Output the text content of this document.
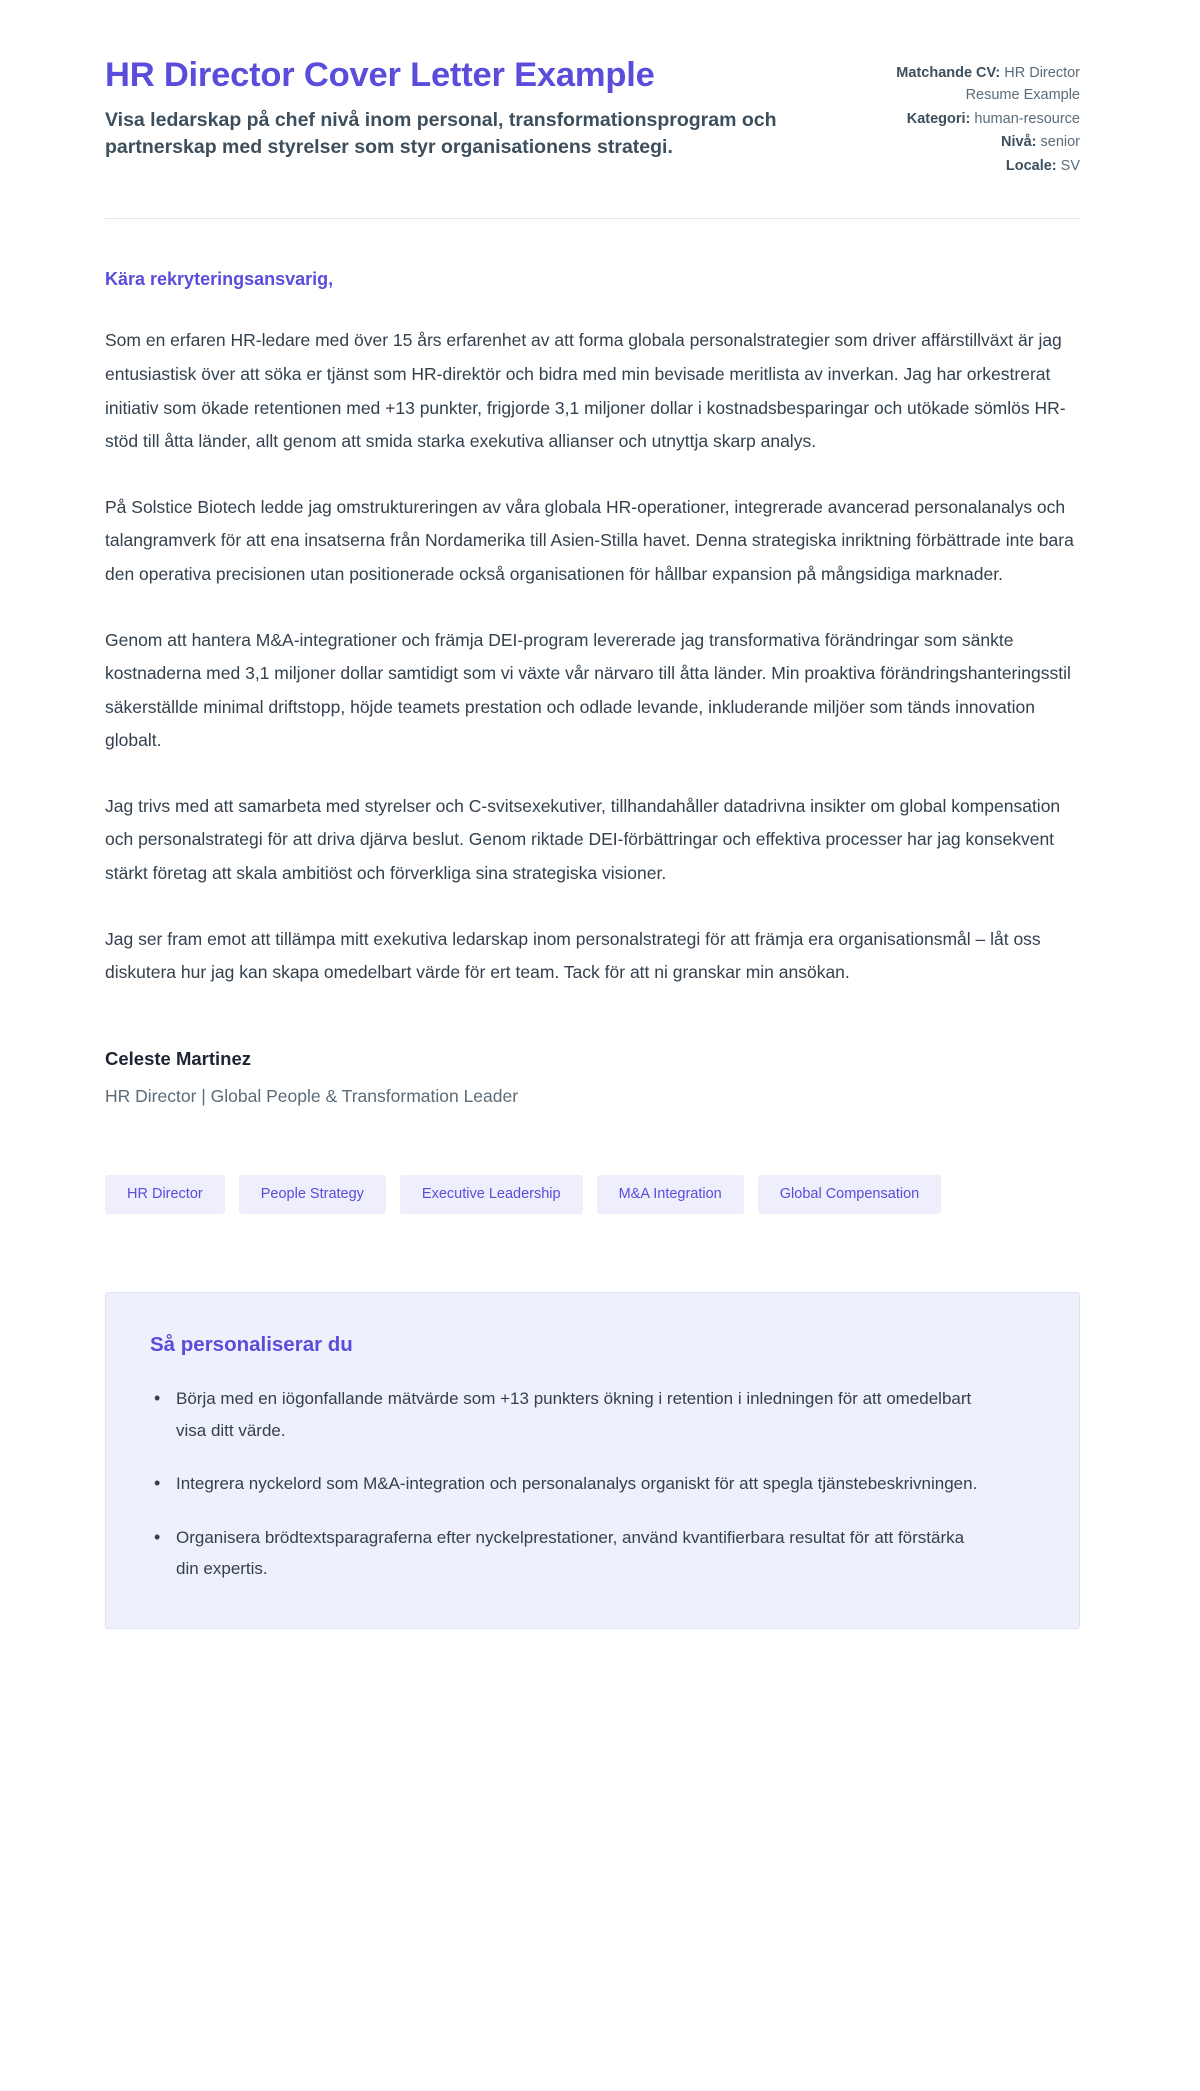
HR Director Cover Letter Example

Visa ledarskap på chef nivå inom personal, transformationsprogram och partnerskap med styrelser som styr organisationens strategi.

Matchande CV: HR Director Resume Example
Kategori: human-resource
Nivå: senior
Locale: SV
Kära rekryteringsansvarig,

Som en erfaren HR-ledare med över 15 års erfarenhet av att forma globala personalstrategier som driver affärstillväxt är jag entusiastisk över att söka er tjänst som HR-direktör och bidra med min bevisade meritlista av inverkan. Jag har orkestrerat initiativ som ökade retentionen med +13 punkter, frigjorde 3,1 miljoner dollar i kostnadsbesparingar och utökade sömlös HR-stöd till åtta länder, allt genom att smida starka exekutiva allianser och utnyttja skarp analys.

På Solstice Biotech ledde jag omstruktureringen av våra globala HR-operationer, integrerade avancerad personalanalys och talangramverk för att ena insatserna från Nordamerika till Asien-Stilla havet. Denna strategiska inriktning förbättrade inte bara den operativa precisionen utan positionerade också organisationen för hållbar expansion på mångsidiga marknader.

Genom att hantera M&A-integrationer och främja DEI-program levererade jag transformativa förändringar som sänkte kostnaderna med 3,1 miljoner dollar samtidigt som vi växte vår närvaro till åtta länder. Min proaktiva förändringshanteringsstil säkerställde minimal driftstopp, höjde teamets prestation och odlade levande, inkluderande miljöer som tänds innovation globalt.

Jag trivs med att samarbeta med styrelser och C-svitsexekutiver, tillhandahåller datadrivna insikter om global kompensation och personalstrategi för att driva djärva beslut. Genom riktade DEI-förbättringar och effektiva processer har jag konsekvent stärkt företag att skala ambitiöst och förverkliga sina strategiska visioner.

Jag ser fram emot att tillämpa mitt exekutiva ledarskap inom personalstrategi för att främja era organisationsmål – låt oss diskutera hur jag kan skapa omedelbart värde för ert team. Tack för att ni granskar min ansökan.

Celeste Martinez
HR Director | Global People & Transformation Leader
HR Director	People Strategy	Executive Leadership	M&A Integration	Global Compensation
Så personaliserar du
• Börja med en iögonfallande mätvärde som +13 punkters ökning i retention i inledningen för att omedelbart visa ditt värde.
• Integrera nyckelord som M&A-integration och personalanalys organiskt för att spegla tjänstebeskrivningen.
• Organisera brödtextsparagraferna efter nyckelprestationer, använd kvantifierbara resultat för att förstärka din expertis.
